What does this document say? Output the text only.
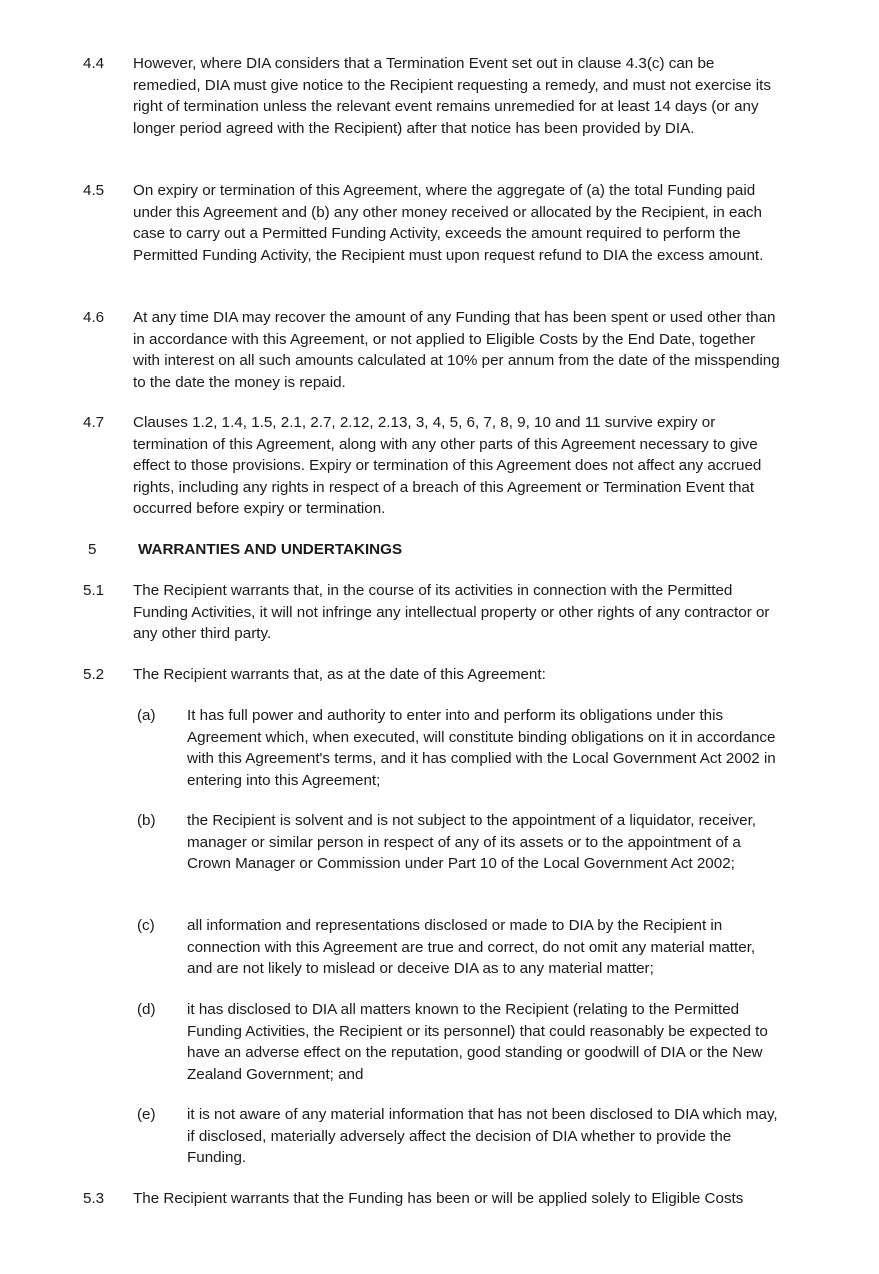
4.4 However, where DIA considers that a Termination Event set out in clause 4.3(c) can be remedied, DIA must give notice to the Recipient requesting a remedy, and must not exercise its right of termination unless the relevant event remains unremedied for at least 14 days (or any longer period agreed with the Recipient) after that notice has been provided by DIA.
4.5 On expiry or termination of this Agreement, where the aggregate of (a) the total Funding paid under this Agreement and (b) any other money received or allocated by the Recipient, in each case to carry out a Permitted Funding Activity, exceeds the amount required to perform the Permitted Funding Activity, the Recipient must upon request refund to DIA the excess amount.
4.6 At any time DIA may recover the amount of any Funding that has been spent or used other than in accordance with this Agreement, or not applied to Eligible Costs by the End Date, together with interest on all such amounts calculated at 10% per annum from the date of the misspending to the date the money is repaid.
4.7 Clauses 1.2, 1.4, 1.5, 2.1, 2.7, 2.12, 2.13, 3, 4, 5, 6, 7, 8, 9, 10 and 11 survive expiry or termination of this Agreement, along with any other parts of this Agreement necessary to give effect to those provisions. Expiry or termination of this Agreement does not affect any accrued rights, including any rights in respect of a breach of this Agreement or Termination Event that occurred before expiry or termination.
5	WARRANTIES AND UNDERTAKINGS
5.1 The Recipient warrants that, in the course of its activities in connection with the Permitted Funding Activities, it will not infringe any intellectual property or other rights of any contractor or any other third party.
5.2 The Recipient warrants that, as at the date of this Agreement:
(a) It has full power and authority to enter into and perform its obligations under this Agreement which, when executed, will constitute binding obligations on it in accordance with this Agreement's terms, and it has complied with the Local Government Act 2002 in entering into this Agreement;
(b) the Recipient is solvent and is not subject to the appointment of a liquidator, receiver, manager or similar person in respect of any of its assets or to the appointment of a Crown Manager or Commission under Part 10 of the Local Government Act 2002;
(c) all information and representations disclosed or made to DIA by the Recipient in connection with this Agreement are true and correct, do not omit any material matter, and are not likely to mislead or deceive DIA as to any material matter;
(d) it has disclosed to DIA all matters known to the Recipient (relating to the Permitted Funding Activities, the Recipient or its personnel) that could reasonably be expected to have an adverse effect on the reputation, good standing or goodwill of DIA or the New Zealand Government; and
(e) it is not aware of any material information that has not been disclosed to DIA which may, if disclosed, materially adversely affect the decision of DIA whether to provide the Funding.
5.3 The Recipient warrants that the Funding has been or will be applied solely to Eligible Costs
